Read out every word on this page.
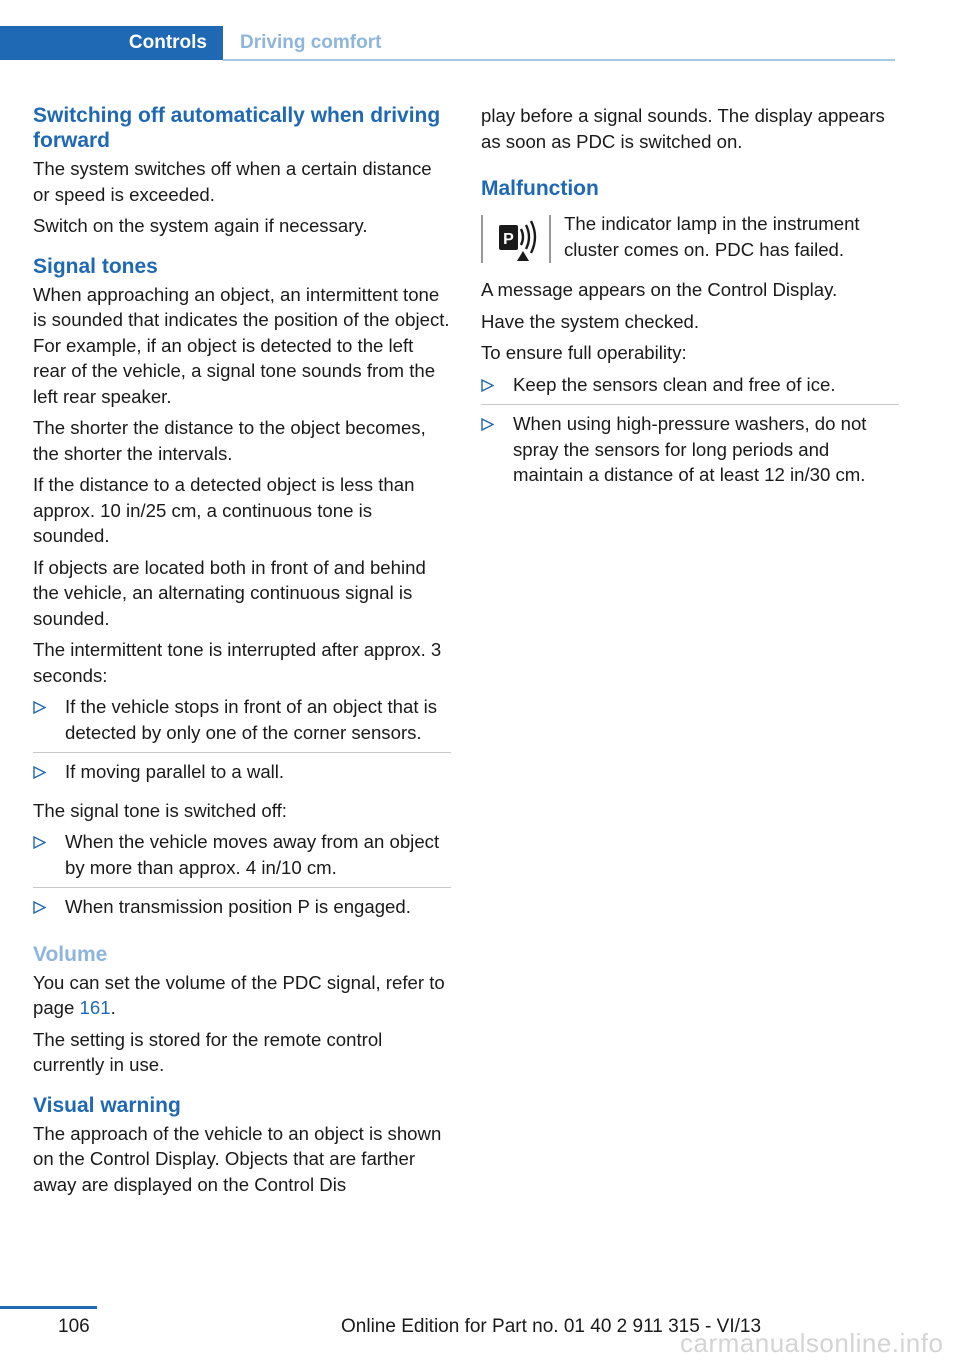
Controls Driving comfort
Switching off automatically when driving forward

The system switches off when a certain distance or speed is exceeded.

Switch on the system again if necessary.

Signal tones

When approaching an object, an intermittent tone is sounded that indicates the position of the object. For example, if an object is detected to the left rear of the vehicle, a signal tone sounds from the left rear speaker.

The shorter the distance to the object becomes, the shorter the intervals.

If the distance to a detected object is less than approx. 10 in/25 cm, a continuous tone is sounded.

If objects are located both in front of and behind the vehicle, an alternating continuous signal is sounded.

The intermittent tone is interrupted after approx. 3 seconds:

If the vehicle stops in front of an object that is detected by only one of the corner sensors.
If moving parallel to a wall.

The signal tone is switched off:

When the vehicle moves away from an object by more than approx. 4 in/10 cm.
When transmission position P is engaged.
Volume

You can set the volume of the PDC signal, refer to page 161.

The setting is stored for the remote control currently in use.

Visual warning

The approach of the vehicle to an object is shown on the Control Display. Objects that are farther away are displayed on the Control Dis

play before a signal sounds. The display appears as soon as PDC is switched on.

Malfunction
P

The indicator lamp in the instrument cluster comes on. PDC has failed.

A message appears on the Control Display.

Have the system checked.

To ensure full operability:

Keep the sensors clean and free of ice.
When using high-pressure washers, do not spray the sensors for long periods and maintain a distance of at least 12 in/30 cm.
106	Online Edition for Part no. 01 40 2 911 315 - VI/13
carmanualsonline.info
